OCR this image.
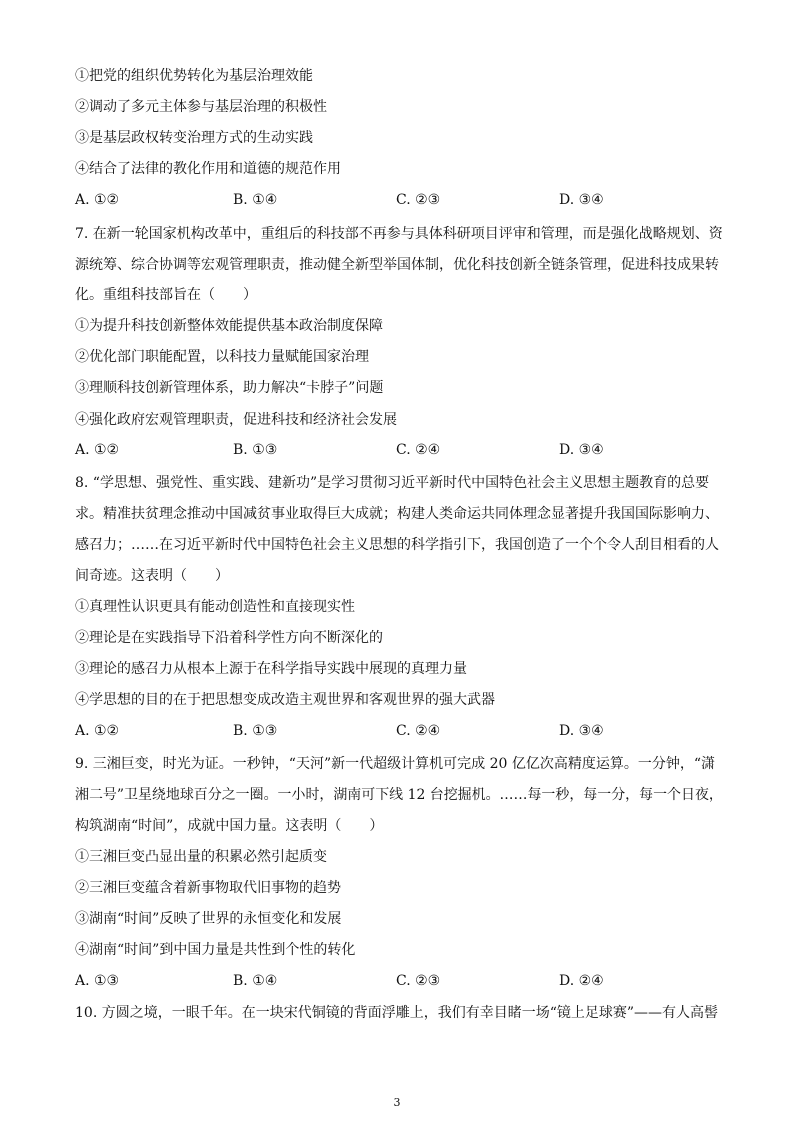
①把党的组织优势转化为基层治理效能
②调动了多元主体参与基层治理的积极性
③是基层政权转变治理方式的生动实践
④结合了法律的教化作用和道德的规范作用
A. ①②	B. ①④	C. ②③	D. ③④
7. 在新一轮国家机构改革中，重组后的科技部不再参与具体科研项目评审和管理，而是强化战略规划、资
源统筹、综合协调等宏观管理职责，推动健全新型举国体制，优化科技创新全链条管理，促进科技成果转
化。重组科技部旨在（　　）
①为提升科技创新整体效能提供基本政治制度保障
②优化部门职能配置，以科技力量赋能国家治理
③理顺科技创新管理体系，助力解决“卡脖子”问题
④强化政府宏观管理职责，促进科技和经济社会发展
A. ①②	B. ①③	C. ②④	D. ③④
8. “学思想、强党性、重实践、建新功”是学习贯彻习近平新时代中国特色社会主义思想主题教育的总要
求。精准扶贫理念推动中国减贫事业取得巨大成就；构建人类命运共同体理念显著提升我国国际影响力、
感召力；……在习近平新时代中国特色社会主义思想的科学指引下，我国创造了一个个令人刮目相看的人
间奇迹。这表明（　　）
①真理性认识更具有能动创造性和直接现实性
②理论是在实践指导下沿着科学性方向不断深化的
③理论的感召力从根本上源于在科学指导实践中展现的真理力量
④学思想的目的在于把思想变成改造主观世界和客观世界的强大武器
A. ①②	B. ①③	C. ②④	D. ③④
9. 三湘巨变，时光为证。一秒钟，“天河”新一代超级计算机可完成 20 亿亿次高精度运算。一分钟，“潇
湘二号”卫星绕地球百分之一圈。一小时，湖南可下线 12 台挖掘机。……每一秒，每一分，每一个日夜，
构筑湖南“时间”，成就中国力量。这表明（　　）
①三湘巨变凸显出量的积累必然引起质变
②三湘巨变蕴含着新事物取代旧事物的趋势
③湖南“时间”反映了世界的永恒变化和发展
④湖南“时间”到中国力量是共性到个性的转化
A. ①③	B. ①④	C. ②③	D. ②④
10. 方圆之境，一眼千年。在一块宋代铜镜的背面浮雕上，我们有幸目睹一场“镜上足球赛”——有人高髻
3
